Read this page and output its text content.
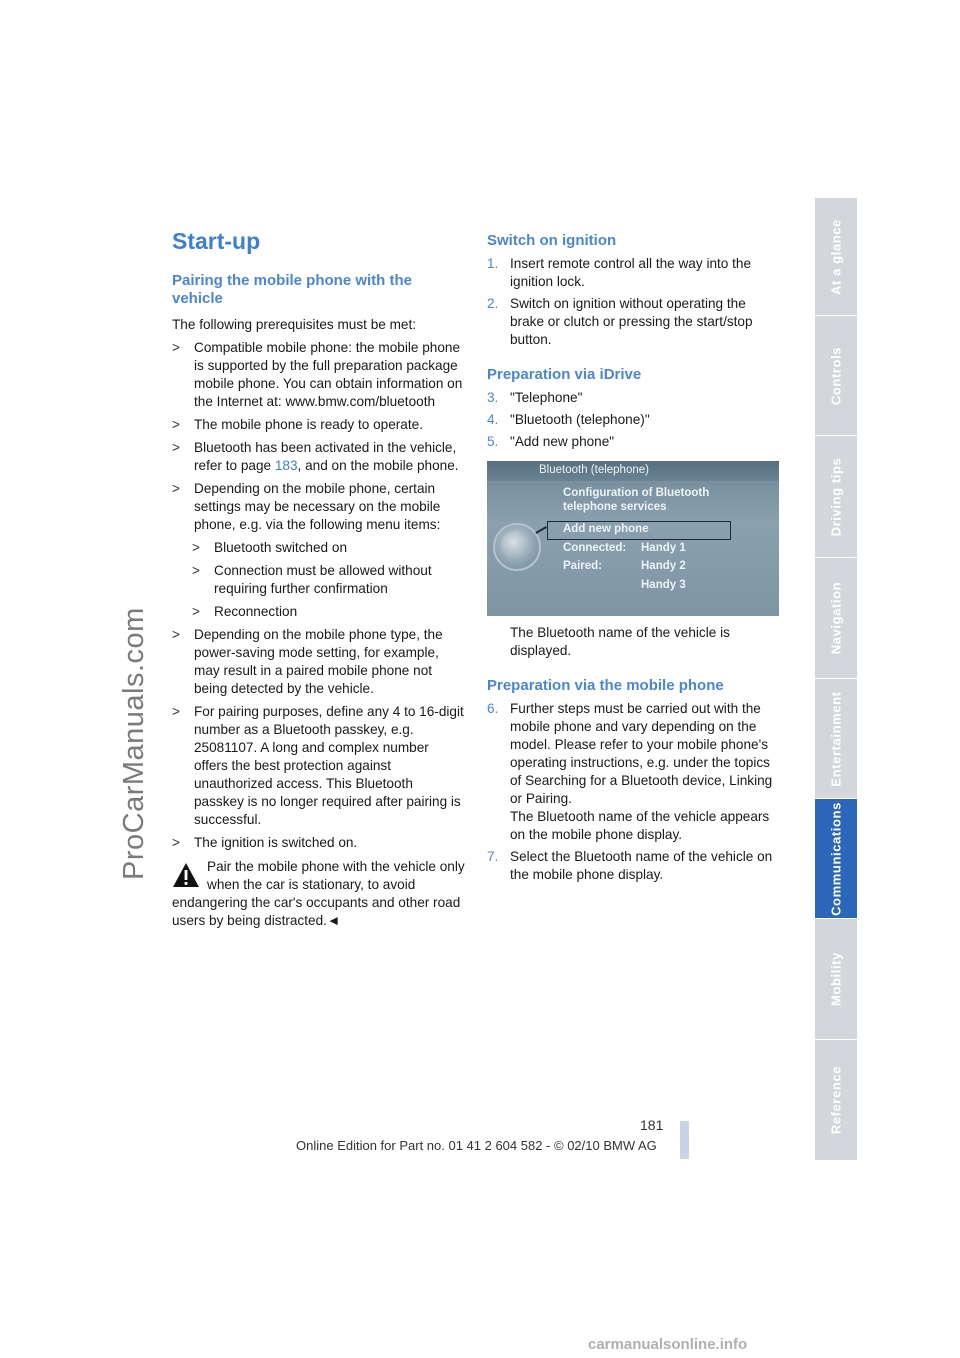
ProCarManuals.com
Start-up
Pairing the mobile phone with the vehicle

The following prerequisites must be met:

>	Compatible mobile phone: the mobile phone is supported by the full preparation package mobile phone. You can obtain information on the Internet at: www.bmw.com/bluetooth
>	The mobile phone is ready to operate.
>	Bluetooth has been activated in the vehicle, refer to page 183, and on the mobile phone.
>	Depending on the mobile phone, certain settings may be necessary on the mobile phone, e.g. via the following menu items:
>	Bluetooth switched on
>	Connection must be allowed without requiring further confirmation
>	Reconnection
>	Depending on the mobile phone type, the power-saving mode setting, for example, may result in a paired mobile phone not being detected by the vehicle.
>	For pairing purposes, define any 4 to 16-digit number as a Bluetooth passkey, e.g. 25081107. A long and complex number offers the best protection against unauthorized access. This Bluetooth passkey is no longer required after pairing is successful.
>	The ignition is switched on.

Pair the mobile phone with the vehicle only when the car is stationary, to avoid

endangering the car's occupants and other road users by being distracted.◄

Switch on ignition
1. Insert remote control all the way into the ignition lock.
2. Switch on ignition without operating the brake or clutch or pressing the start/stop button.
Preparation via iDrive
3. "Telephone"
4. "Bluetooth (telephone)"
5. "Add new phone"
Bluetooth (telephone)
Configuration of Bluetooth
telephone services
Add new phone
Connected: Handy 1
Paired:	Handy 2
Handy 3

The Bluetooth name of the vehicle is displayed.

Preparation via the mobile phone
6. Further steps must be carried out with the mobile phone and vary depending on the model. Please refer to your mobile phone's operating instructions, e.g. under the topics of Searching for a Bluetooth device, Linking or Pairing.
The Bluetooth name of the vehicle appears on the mobile phone display.
7. Select the Bluetooth name of the vehicle on the mobile phone display.
At a glance
Controls
Driving tips
Navigation
Entertainment
Communications
Mobility
Reference
181
Online Edition for Part no. 01 41 2 604 582 - © 02/10 BMW AG
carmanualsonline.info
